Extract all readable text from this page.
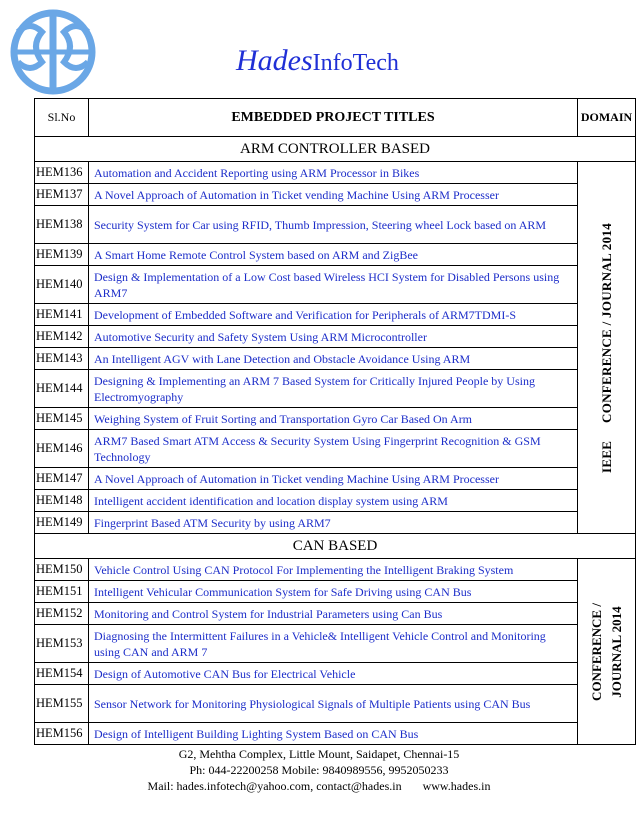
HadesInfoTech
Sl.No	EMBEDDED PROJECT TITLES	DOMAIN
ARM CONTROLLER BASED		
HEM136	Automation and Accident Reporting using ARM Processor in Bikes	IEEE     CONFERENCE / JOURNAL 2014

HEM137	A Novel Approach of Automation in Ticket vending Machine Using ARM Processer	
HEM138	Security System for Car using RFID, Thumb Impression, Steering wheel Lock based on ARM	
HEM139	A Smart Home Remote Control System based on ARM and ZigBee	
HEM140	Design & Implementation of a Low Cost based Wireless HCI System for Disabled Persons using ARM7	
HEM141	Development of Embedded Software and Verification for Peripherals of ARM7TDMI-S	
HEM142	Automotive Security and Safety System Using ARM Microcontroller	
HEM143	An Intelligent AGV with Lane Detection and Obstacle Avoidance Using ARM	
HEM144	Designing & Implementing an ARM 7 Based System for Critically Injured People by Using Electromyography	
HEM145	Weighing System of Fruit Sorting and Transportation Gyro Car Based On Arm	
HEM146	ARM7 Based Smart ATM Access & Security System Using Fingerprint Recognition & GSM Technology	
HEM147	A Novel Approach of Automation in Ticket vending Machine Using ARM Processer	
HEM148	Intelligent accident identification and location display system using ARM	
HEM149	Fingerprint Based ATM Security by using ARM7	
CAN BASED		
HEM150	Vehicle Control Using CAN Protocol For Implementing the Intelligent Braking System	CONFERENCE / JOURNAL 2014

HEM151	Intelligent Vehicular Communication System for Safe Driving using CAN Bus	
HEM152	Monitoring and Control System for Industrial Parameters using Can Bus	
HEM153	Diagnosing the Intermittent Failures in a Vehicle& Intelligent Vehicle Control and Monitoring using CAN and ARM 7	
HEM154	Design of Automotive CAN Bus for Electrical Vehicle	
HEM155	Sensor Network for Monitoring Physiological Signals of Multiple Patients using CAN Bus	
HEM156	Design of Intelligent Building Lighting System Based on CAN Bus	
G2, Mehtha Complex, Little Mount, Saidapet, Chennai-15
Ph: 044-22200258 Mobile: 9840989556, 9952050233
Mail: hades.infotech@yahoo.com, contact@hades.in       www.hades.in
